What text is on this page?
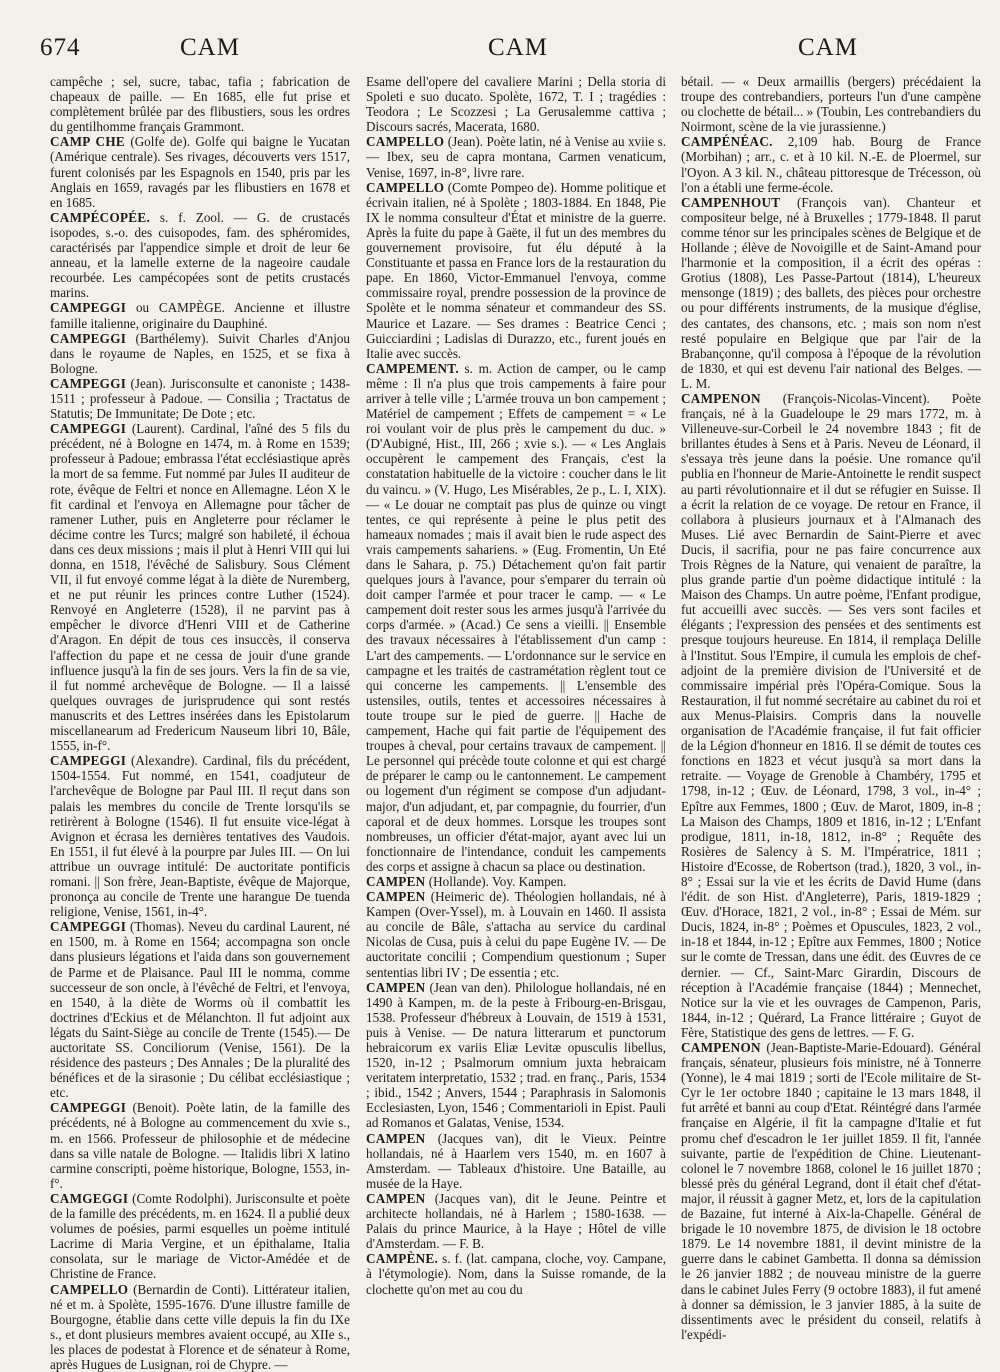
674	CAM	CAM	CAM

campêche ; sel, sucre, tabac, tafia ; fabrication de chapeaux de paille. — En 1685, elle fut prise et complètement brûlée par des flibustiers, sous les ordres du gentilhomme français Grammont.

CAMP CHE (Golfe de). Golfe qui baigne le Yucatan (Amérique centrale). Ses rivages, découverts vers 1517, furent colonisés par les Espagnols en 1540, pris par les Anglais en 1659, ravagés par les flibustiers en 1678 et en 1685.

CAMPÉCOPÉE. s. f. Zool. — G. de crustacés isopodes, s.-o. des cuisopodes, fam. des sphéromides, caractérisés par l'appendice simple et droit de leur 6e anneau, et la lamelle externe de la nageoire caudale recourbée. Les campécopées sont de petits crustacés marins.

CAMPEGGI ou CAMPÈGE. Ancienne et illustre famille italienne, originaire du Dauphiné.

CAMPEGGI (Barthélemy). Suivit Charles d'Anjou dans le royaume de Naples, en 1525, et se fixa à Bologne.

CAMPEGGI (Jean). Jurisconsulte et canoniste ; 1438-1511 ; professeur à Padoue. — Consilia ; Tractatus de Statutis; De Immunitate; De Dote ; etc.

CAMPEGGI (Laurent). Cardinal, l'aîné des 5 fils du précédent, né à Bologne en 1474, m. à Rome en 1539; professeur à Padoue; embrassa l'état ecclésiastique après la mort de sa femme. Fut nommé par Jules II auditeur de rote, évêque de Feltri et nonce en Allemagne. Léon X le fit cardinal et l'envoya en Allemagne pour tâcher de ramener Luther, puis en Angleterre pour réclamer le décime contre les Turcs; malgré son habileté, il échoua dans ces deux missions ; mais il plut à Henri VIII qui lui donna, en 1518, l'évêché de Salisbury. Sous Clément VII, il fut envoyé comme légat à la diète de Nuremberg, et ne put réunir les princes contre Luther (1524). Renvoyé en Angleterre (1528), il ne parvint pas à empêcher le divorce d'Henri VIII et de Catherine d'Aragon. En dépit de tous ces insuccès, il conserva l'affection du pape et ne cessa de jouir d'une grande influence jusqu'à la fin de ses jours. Vers la fin de sa vie, il fut nommé archevêque de Bologne. — Il a laissé quelques ouvrages de jurisprudence qui sont restés manuscrits et des Lettres insérées dans les Epistolarum miscellanearum ad Fredericum Nauseum libri 10, Bâle, 1555, in-f°.

CAMPEGGI (Alexandre). Cardinal, fils du précédent, 1504-1554. Fut nommé, en 1541, coadjuteur de l'archevêque de Bologne par Paul III. Il reçut dans son palais les membres du concile de Trente lorsqu'ils se retirèrent à Bologne (1546). Il fut ensuite vice-légat à Avignon et écrasa les dernières tentatives des Vaudois. En 1551, il fut élevé à la pourpre par Jules III. — On lui attribue un ouvrage intitulé: De auctoritate pontificis romani. || Son frère, Jean-Baptiste, évêque de Majorque, prononça au concile de Trente une harangue De tuenda religione, Venise, 1561, in-4°.

CAMPEGGI (Thomas). Neveu du cardinal Laurent, né en 1500, m. à Rome en 1564; accompagna son oncle dans plusieurs légations et l'aida dans son gouvernement de Parme et de Plaisance. Paul III le nomma, comme successeur de son oncle, à l'évêché de Feltri, et l'envoya, en 1540, à la diète de Worms où il combattit les doctrines d'Eckius et de Mélanchton. Il fut adjoint aux légats du Saint-Siège au concile de Trente (1545).— De auctoritate SS. Conciliorum (Venise, 1561). De la résidence des pasteurs ; Des Annales ; De la pluralité des bénéfices et de la sirasonie ; Du célibat ecclésiastique ; etc.

CAMPEGGI (Benoit). Poète latin, de la famille des précédents, né à Bologne au commencement du xvie s., m. en 1566. Professeur de philosophie et de médecine dans sa ville natale de Bologne. — Italidis libri X latino carmine conscripti, poème historique, Bologne, 1553, in-f°.

CAMGEGGI (Comte Rodolphi). Jurisconsulte et poète de la famille des précédents, m. en 1624. Il a publié deux volumes de poésies, parmi esquelles un poème intitulé Lacrime di Maria Vergine, et un épithalame, Italia consolata, sur le mariage de Victor-Amédée et de Christine de France.

CAMPELLO (Bernardin de Conti). Littérateur italien, né et m. à Spolète, 1595-1676. D'une illustre famille de Bourgogne, établie dans cette ville depuis la fin du IXe s., et dont plusieurs membres avaient occupé, au XIIe s., les places de podestat à Florence et de sénateur à Rome, après Hugues de Lusignan, roi de Chypre. —

Esame dell'opere del cavaliere Marini ; Della storia di Spoleti e suo ducato. Spolète, 1672, T. I ; tragédies : Teodora ; Le Scozzesi ; La Gerusalemme cattiva ; Discours sacrés, Macerata, 1680.

CAMPELLO (Jean). Poète latin, né à Venise au xviie s. — Ibex, seu de capra montana, Carmen venaticum, Venise, 1697, in-8°, livre rare.

CAMPELLO (Comte Pompeo de). Homme politique et écrivain italien, né à Spolète ; 1803-1884. En 1848, Pie IX le nomma consulteur d'État et ministre de la guerre. Après la fuite du pape à Gaëte, il fut un des membres du gouvernement provisoire, fut élu député à la Constituante et passa en France lors de la restauration du pape. En 1860, Victor-Emmanuel l'envoya, comme commissaire royal, prendre possession de la province de Spolète et le nomma sénateur et commandeur des SS. Maurice et Lazare. — Ses drames : Beatrice Cenci ; Guicciardini ; Ladislas di Durazzo, etc., furent joués en Italie avec succès.

CAMPEMENT. s. m. Action de camper, ou le camp même : Il n'a plus que trois campements à faire pour arriver à telle ville ; L'armée trouva un bon campement ; Matériel de campement ; Effets de campement = « Le roi voulant voir de plus près le campement du duc. » (D'Aubigné, Hist., III, 266 ; xvie s.). — « Les Anglais occupèrent le campement des Français, c'est la constatation habituelle de la victoire : coucher dans le lit du vaincu. » (V. Hugo, Les Misérables, 2e p., L. I, XIX). — « Le douar ne comptait pas plus de quinze ou vingt tentes, ce qui représente à peine le plus petit des hameaux nomades ; mais il avait bien le rude aspect des vrais campements sahariens. » (Eug. Fromentin, Un Eté dans le Sahara, p. 75.) Détachement qu'on fait partir quelques jours à l'avance, pour s'emparer du terrain où doit camper l'armée et pour tracer le camp. — « Le campement doit rester sous les armes jusqu'à l'arrivée du corps d'armée. » (Acad.) Ce sens a vieilli. || Ensemble des travaux nécessaires à l'établissement d'un camp : L'art des campements. — L'ordonnance sur le service en campagne et les traités de castramétation règlent tout ce qui concerne les campements. || L'ensemble des ustensiles, outils, tentes et accessoires nécessaires à toute troupe sur le pied de guerre. || Hache de campement, Hache qui fait partie de l'équipement des troupes à cheval, pour certains travaux de campement. || Le personnel qui précède toute colonne et qui est chargé de préparer le camp ou le cantonnement. Le campement ou logement d'un régiment se compose d'un adjudant-major, d'un adjudant, et, par compagnie, du fourrier, d'un caporal et de deux hommes. Lorsque les troupes sont nombreuses, un officier d'état-major, ayant avec lui un fonctionnaire de l'intendance, conduit les campements des corps et assigne à chacun sa place ou destination.

CAMPEN (Hollande). Voy. Kampen.

CAMPEN (Heimeric de). Théologien hollandais, né à Kampen (Over-Yssel), m. à Louvain en 1460. Il assista au concile de Bâle, s'attacha au service du cardinal Nicolas de Cusa, puis à celui du pape Eugène IV. — De auctoritate concilii ; Compendium questionum ; Super sententias libri IV ; De essentia ; etc.

CAMPEN (Jean van den). Philologue hollandais, né en 1490 à Kampen, m. de la peste à Fribourg-en-Brisgau, 1538. Professeur d'hébreux à Louvain, de 1519 à 1531, puis à Venise. — De natura litterarum et punctorum hebraicorum ex variis Eliæ Levitæ opusculis libellus, 1520, in-12 ; Psalmorum omnium juxta hebraicam veritatem interpretatio, 1532 ; trad. en franç., Paris, 1534 ; ibid., 1542 ; Anvers, 1544 ; Paraphrasis in Salomonis Ecclesiasten, Lyon, 1546 ; Commentarioli in Epist. Pauli ad Romanos et Galatas, Venise, 1534.

CAMPEN (Jacques van), dit le Vieux. Peintre hollandais, né à Haarlem vers 1540, m. en 1607 à Amsterdam. — Tableaux d'histoire. Une Bataille, au musée de la Haye.

CAMPEN (Jacques van), dit le Jeune. Peintre et architecte hollandais, né à Harlem ; 1580-1638. — Palais du prince Maurice, à la Haye ; Hôtel de ville d'Amsterdam. — F. B.

CAMPÈNE. s. f. (lat. campana, cloche, voy. Campane, à l'étymologie). Nom, dans la Suisse romande, de la clochette qu'on met au cou du

bétail. — « Deux armaillis (bergers) précédaient la troupe des contrebandiers, porteurs l'un d'une campène ou clochette de bétail... » (Toubin, Les contrebandiers du Noirmont, scène de la vie jurassienne.)

CAMPÉNÉAC. 2,109 hab. Bourg de France (Morbihan) ; arr., c. et à 10 kil. N.-E. de Ploermel, sur l'Oyon. A 3 kil. N., château pittoresque de Trécesson, où l'on a établi une ferme-école.

CAMPENHOUT (François van). Chanteur et compositeur belge, né à Bruxelles ; 1779-1848. Il parut comme ténor sur les principales scènes de Belgique et de Hollande ; élève de Novoigille et de Saint-Amand pour l'harmonie et la composition, il a écrit des opéras : Grotius (1808), Les Passe-Partout (1814), L'heureux mensonge (1819) ; des ballets, des pièces pour orchestre ou pour différents instruments, de la musique d'église, des cantates, des chansons, etc. ; mais son nom n'est resté populaire en Belgique que par l'air de la Brabançonne, qu'il composa à l'époque de la révolution de 1830, et qui est devenu l'air national des Belges. — L. M.

CAMPENON (François-Nicolas-Vincent). Poète français, né à la Guadeloupe le 29 mars 1772, m. à Villeneuve-sur-Corbeil le 24 novembre 1843 ; fit de brillantes études à Sens et à Paris. Neveu de Léonard, il s'essaya très jeune dans la poésie. Une romance qu'il publia en l'honneur de Marie-Antoinette le rendit suspect au parti révolutionnaire et il dut se réfugier en Suisse. Il a écrit la relation de ce voyage. De retour en France, il collabora à plusieurs journaux et à l'Almanach des Muses. Lié avec Bernardin de Saint-Pierre et avec Ducis, il sacrifia, pour ne pas faire concurrence aux Trois Règnes de la Nature, qui venaient de paraître, la plus grande partie d'un poème didactique intitulé : la Maison des Champs. Un autre poème, l'Enfant prodigue, fut accueilli avec succès. — Ses vers sont faciles et élégants ; l'expression des pensées et des sentiments est presque toujours heureuse. En 1814, il remplaça Delille à l'Institut. Sous l'Empire, il cumula les emplois de chef-adjoint de la première division de l'Université et de commissaire impérial près l'Opéra-Comique. Sous la Restauration, il fut nommé secrétaire au cabinet du roi et aux Menus-Plaisirs. Compris dans la nouvelle organisation de l'Académie française, il fut fait officier de la Légion d'honneur en 1816. Il se démit de toutes ces fonctions en 1823 et vécut jusqu'à sa mort dans la retraite. — Voyage de Grenoble à Chambéry, 1795 et 1798, in-12 ; Œuv. de Léonard, 1798, 3 vol., in-4° ; Epître aux Femmes, 1800 ; Œuv. de Marot, 1809, in-8 ; La Maison des Champs, 1809 et 1816, in-12 ; L'Enfant prodigue, 1811, in-18, 1812, in-8° ; Requête des Rosières de Salency à S. M. l'Impératrice, 1811 ; Histoire d'Ecosse, de Robertson (trad.), 1820, 3 vol., in-8° ; Essai sur la vie et les écrits de David Hume (dans l'édit. de son Hist. d'Angleterre), Paris, 1819-1829 ; Œuv. d'Horace, 1821, 2 vol., in-8° ; Essai de Mém. sur Ducis, 1824, in-8° ; Poèmes et Opuscules, 1823, 2 vol., in-18 et 1844, in-12 ; Epître aux Femmes, 1800 ; Notice sur le comte de Tressan, dans une édit. des Œuvres de ce dernier. — Cf., Saint-Marc Girardin, Discours de réception à l'Académie française (1844) ; Mennechet, Notice sur la vie et les ouvrages de Campenon, Paris, 1844, in-12 ; Quérard, La France littéraire ; Guyot de Fère, Statistique des gens de lettres. — F. G.

CAMPENON (Jean-Baptiste-Marie-Edouard). Général français, sénateur, plusieurs fois ministre, né à Tonnerre (Yonne), le 4 mai 1819 ; sorti de l'Ecole militaire de St-Cyr le 1er octobre 1840 ; capitaine le 13 mars 1848, il fut arrêté et banni au coup d'Etat. Réintégré dans l'armée française en Algérie, il fit la campagne d'Italie et fut promu chef d'escadron le 1er juillet 1859. Il fit, l'année suivante, partie de l'expédition de Chine. Lieutenant-colonel le 7 novembre 1868, colonel le 16 juillet 1870 ; blessé près du général Legrand, dont il était chef d'état-major, il réussit à gagner Metz, et, lors de la capitulation de Bazaine, fut interné à Aix-la-Chapelle. Général de brigade le 10 novembre 1875, de division le 18 octobre 1879. Le 14 novembre 1881, il devint ministre de la guerre dans le cabinet Gambetta. Il donna sa démission le 26 janvier 1882 ; de nouveau ministre de la guerre dans le cabinet Jules Ferry (9 octobre 1883), il fut amené à donner sa démission, le 3 janvier 1885, à la suite de dissentiments avec le président du conseil, relatifs à l'expédi-
